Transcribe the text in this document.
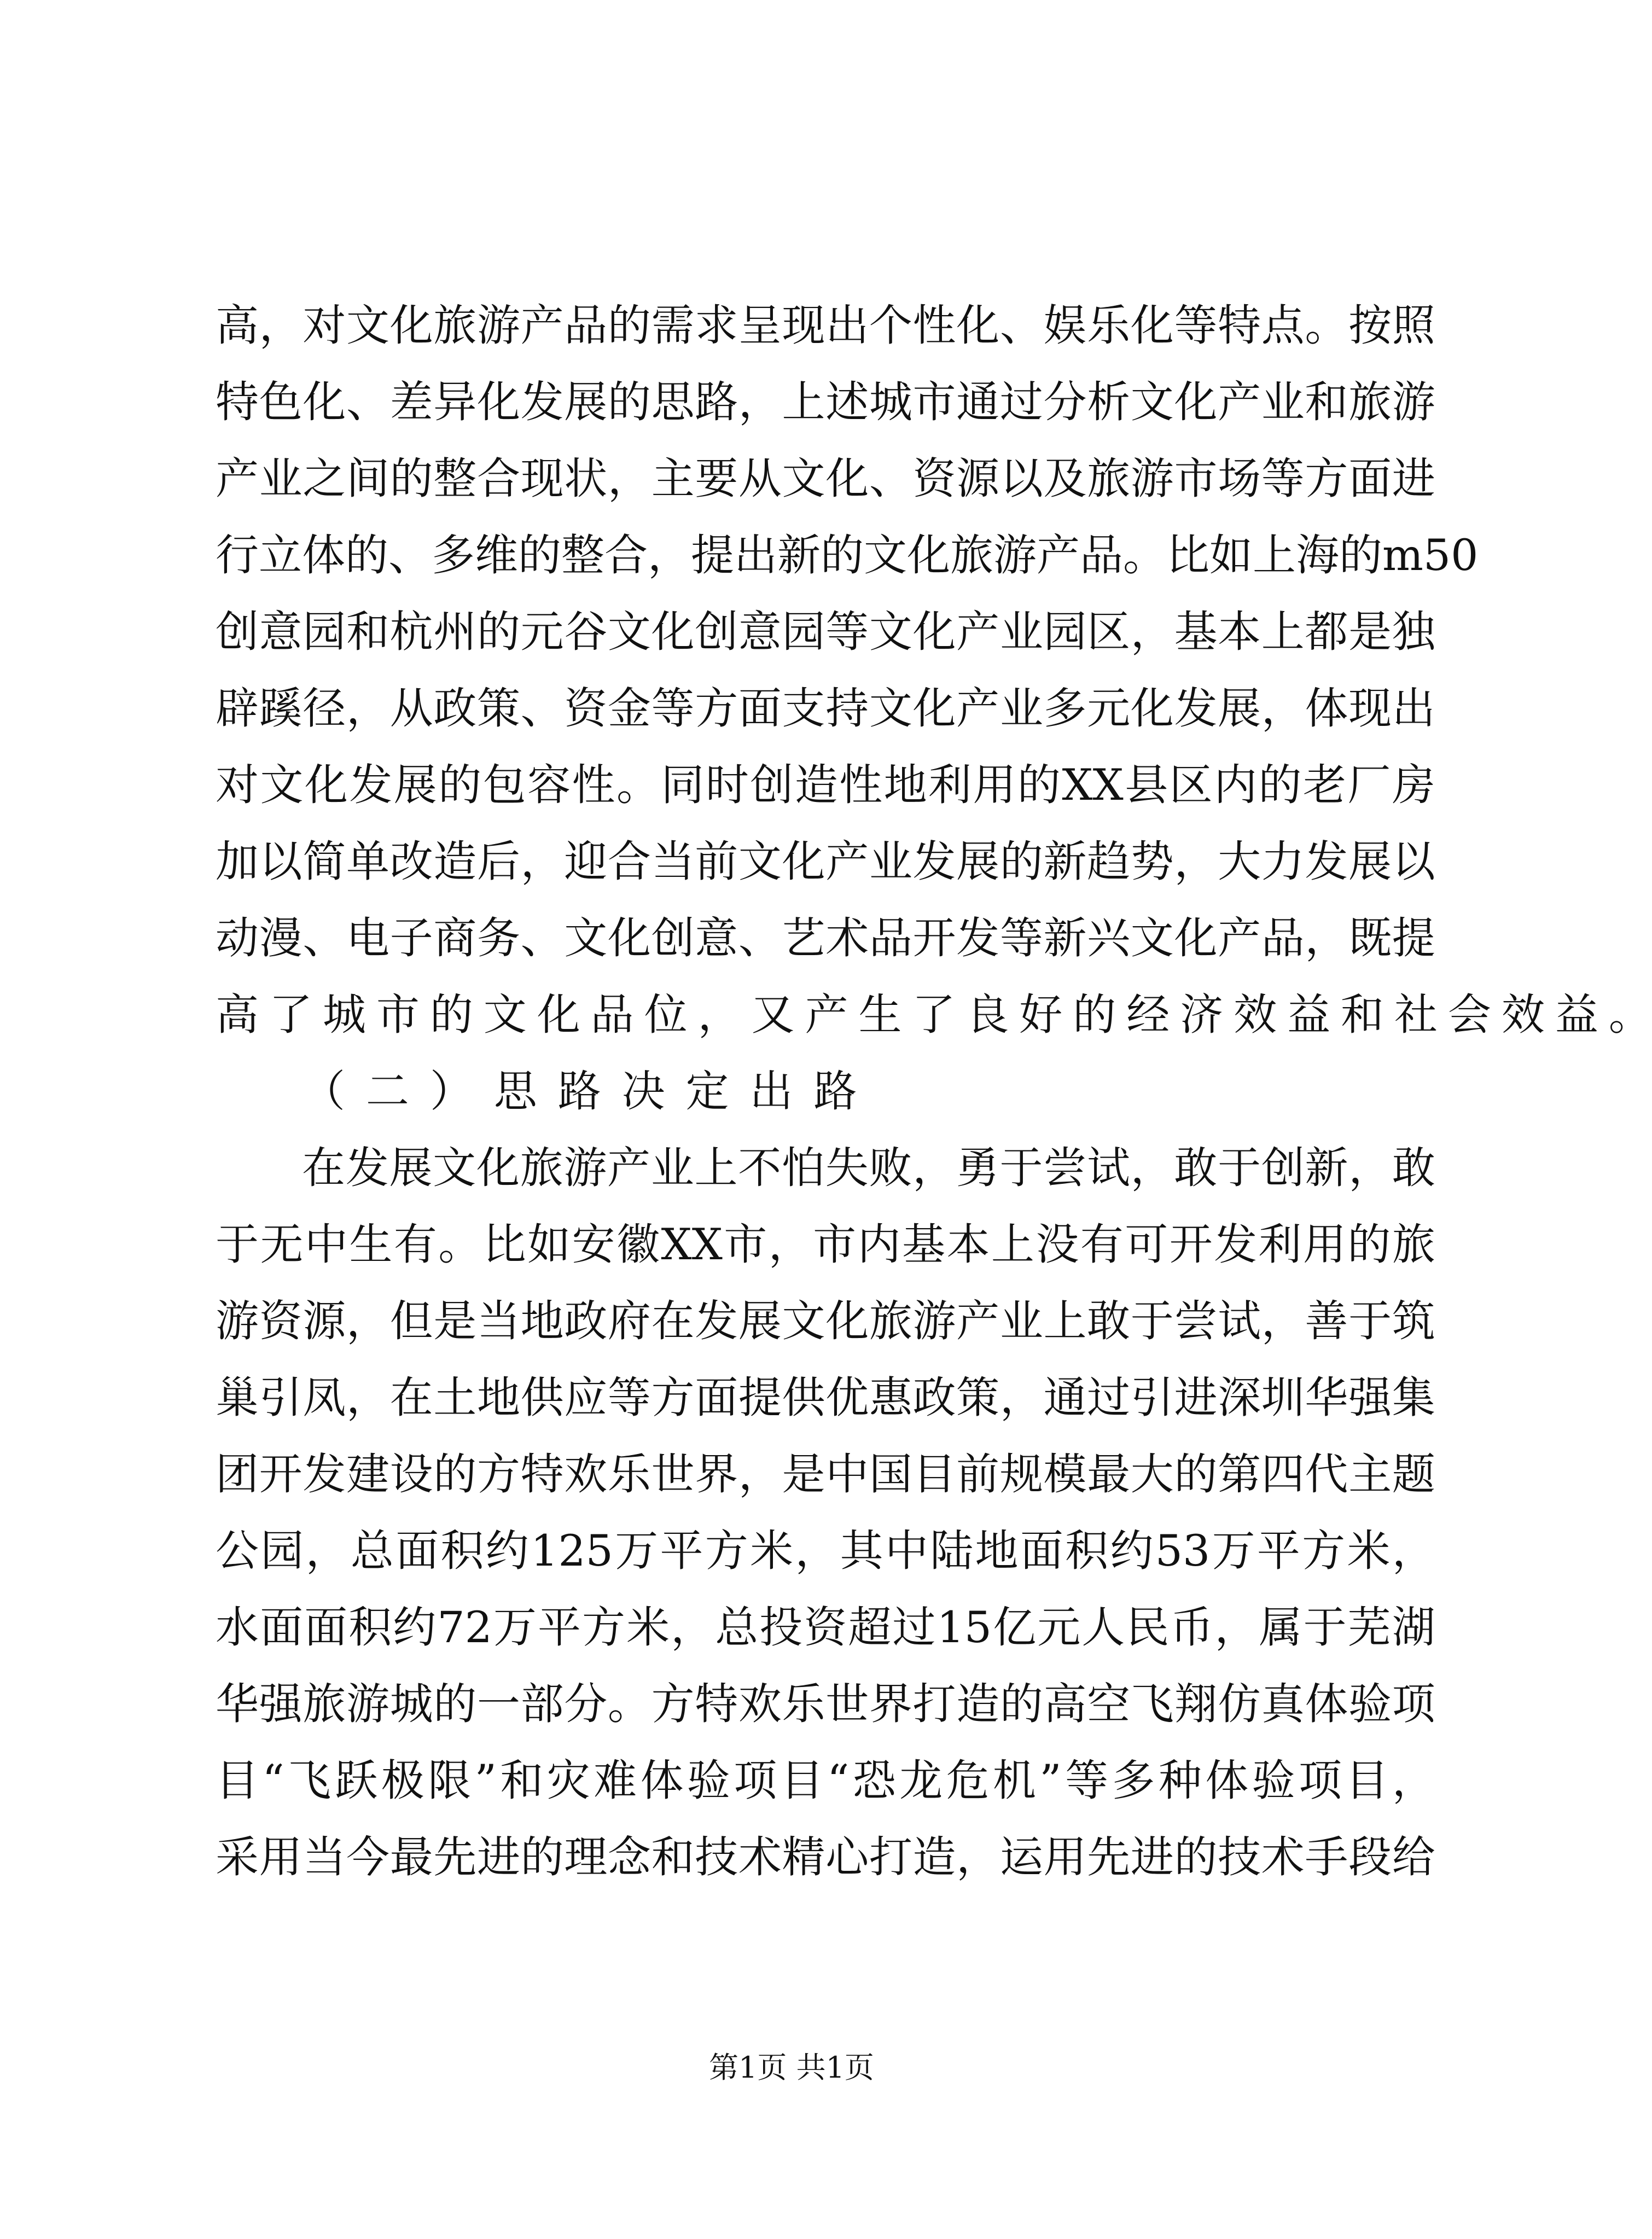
高 ， 对 文 化 旅 游 产 品 的 需 求 呈 现 出 个 性 化 、 娱 乐 化 等 特 点 。 按 照
特 色 化 、 差 异 化 发 展 的 思 路 ， 上 述 城 市 通 过 分 析 文 化 产 业 和 旅 游
产 业 之 间 的 整 合 现 状 ， 主 要 从 文 化 、 资 源 以 及 旅 游 市 场 等 方 面 进
行 立 体 的 、 多 维 的 整 合 ， 提 出 新 的 文 化 旅 游 产 品 。 比 如 上 海 的 m50
创 意 园 和 杭 州 的 元 谷 文 化 创 意 园 等 文 化 产 业 园 区 ， 基 本 上 都 是 独
辟 蹊 径 ， 从 政 策 、 资 金 等 方 面 支 持 文 化 产 业 多 元 化 发 展 ， 体 现 出
对 文 化 发 展 的 包 容 性 。 同 时 创 造 性 地 利 用 的 XX 县 区 内 的 老 厂 房
加 以 简 单 改 造 后 ， 迎 合 当 前 文 化 产 业 发 展 的 新 趋 势 ， 大 力 发 展 以
动 漫 、 电 子 商 务 、 文 化 创 意 、 艺 术 品 开 发 等 新 兴 文 化 产 品 ， 既 提
高 了 城 市 的 文 化 品 位 ， 又 产 生 了 良 好 的 经 济 效 益 和 社 会 效 益 。
（ 二 ） 思 路 决 定 出 路
在 发 展 文 化 旅 游 产 业 上 不 怕 失 败 ， 勇 于 尝 试 ， 敢 于 创 新 ， 敢
于 无 中 生 有 。 比 如 安 徽 XX 市 ， 市 内 基 本 上 没 有 可 开 发 利 用 的 旅
游 资 源 ， 但 是 当 地 政 府 在 发 展 文 化 旅 游 产 业 上 敢 于 尝 试 ， 善 于 筑
巢 引 凤 ， 在 土 地 供 应 等 方 面 提 供 优 惠 政 策 ， 通 过 引 进 深 圳 华 强 集
团 开 发 建 设 的 方 特 欢 乐 世 界 ， 是 中 国 目 前 规 模 最 大 的 第 四 代 主 题
公 园 ， 总 面 积 约 125 万 平 方 米 ， 其 中 陆 地 面 积 约 53 万 平 方 米 ，
水 面 面 积 约 72 万 平 方 米 ， 总 投 资 超 过 15 亿 元 人 民 币 ， 属 于 芜 湖
华 强 旅 游 城 的 一 部 分 。 方 特 欢 乐 世 界 打 造 的 高 空 飞 翔 仿 真 体 验 项
目 “ 飞 跃 极 限 ” 和 灾 难 体 验 项 目 “ 恐 龙 危 机 ” 等 多 种 体 验 项 目 ，
采 用 当 今 最 先 进 的 理 念 和 技 术 精 心 打 造 ， 运 用 先 进 的 技 术 手 段 给
第1页 共1页
